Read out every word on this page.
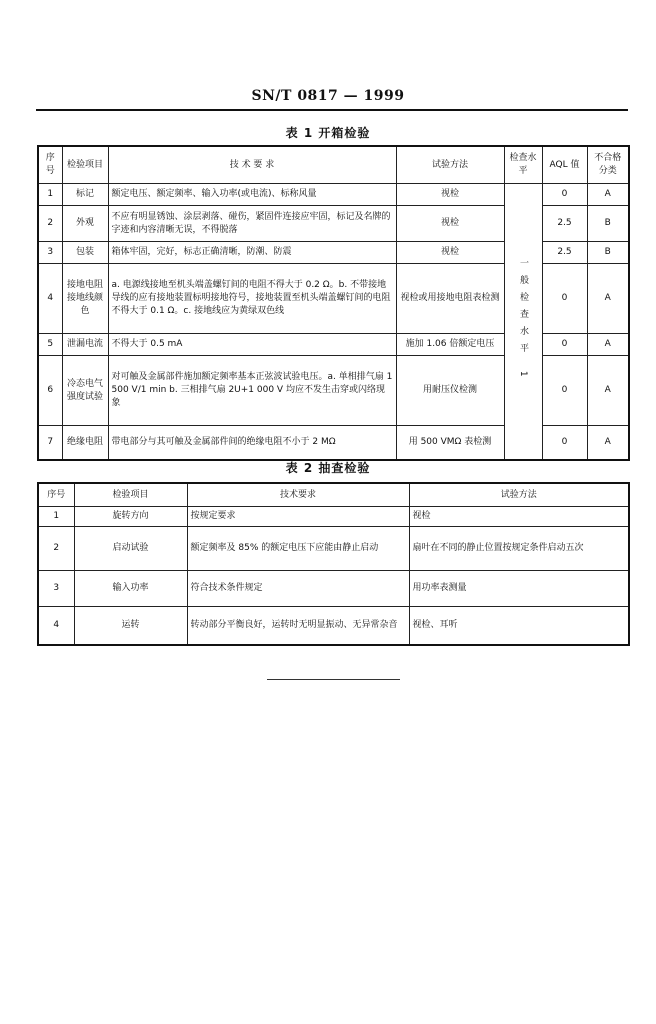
SN/T 0817 — 1999
表 1 开箱检验
序号	检验项目	技 术 要 求	试验方法	检查水平	AQL 值	不合格分类
1	标记	额定电压、额定频率、输入功率(或电流)、标称风量	视检	一般检查水平 1	0	A
2	外观	不应有明显锈蚀、涂层剥落、碰伤，紧固件连接应牢固，标记及名牌的字迹和内容清晰无误，不得脱落	视检		2.5	B
3	包装	箱体牢固，完好，标志正确清晰，防潮、防震	视检		2.5	B
4	接地电阻接地线颜色	a. 电源线接地至机头端盖螺钉间的电阻不得大于 0.2 Ω。b. 不带接地导线的应有接地装置标明接地符号，接地装置至机头端盖螺钉间的电阻不得大于 0.1 Ω。c. 接地线应为黄绿双色线	视检或用接地电阻表检测		0	A
5	泄漏电流	不得大于 0.5 mA	施加 1.06 倍额定电压		0	A
6	冷态电气强度试验	对可触及金属部件施加额定频率基本正弦波试验电压。a. 单相排气扇 1 500 V/1 min b. 三相排气扇 2U+1 000 V 均应不发生击穿或闪络现象	用耐压仪检测		0	A
7	绝缘电阻	带电部分与其可触及金属部件间的绝缘电阻不小于 2 MΩ	用 500 VMΩ 表检测		0	A
表 2 抽查检验
序号	检验项目	技术要求	试验方法
1	旋转方向	按规定要求	视检
2	启动试验	额定频率及 85% 的额定电压下应能由静止启动	扇叶在不同的静止位置按规定条件启动五次
3	输入功率	符合技术条件规定	用功率表测量
4	运转	转动部分平衡良好，运转时无明显振动、无异常杂音	视检、耳听
